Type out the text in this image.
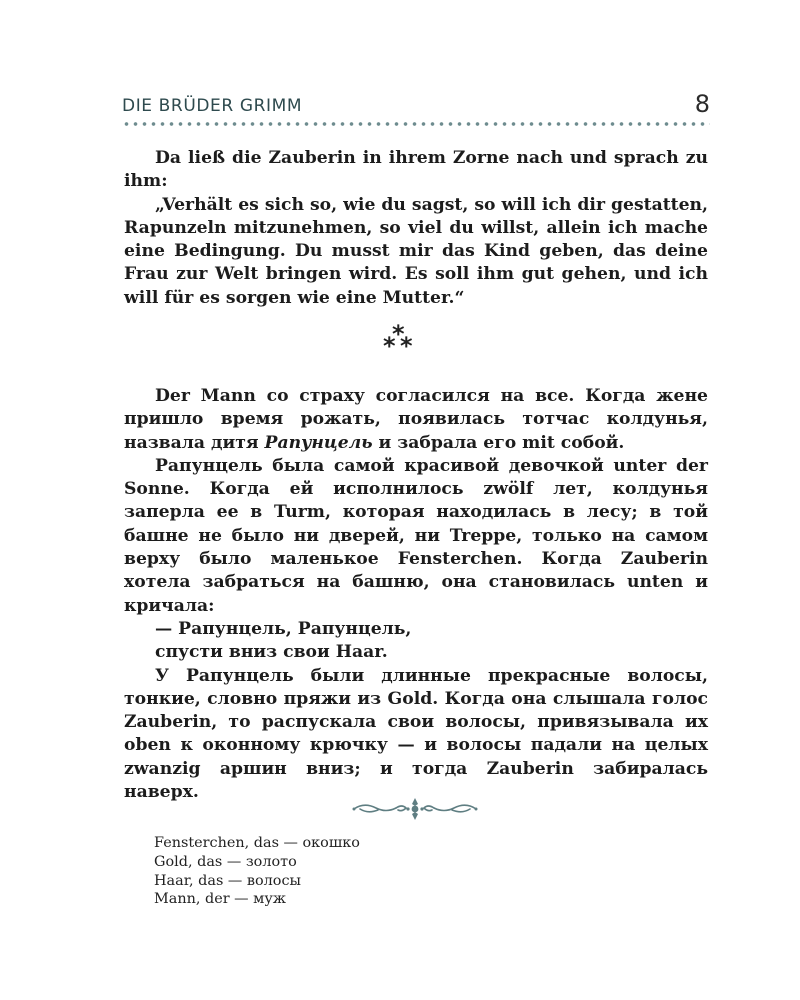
DIE BRÜDER GRIMM	8

Da ließ die Zauberin in ihrem Zorne nach und sprach zu ihm:

„Verhält es sich so, wie du sagst, so will ich dir gestatten, Rapunzeln mitzunehmen, so viel du willst, allein ich mache eine Bedingung. Du musst mir das Kind geben, das deine Frau zur Welt bringen wird. Es soll ihm gut gehen, und ich will für es sorgen wie eine Mutter.“

*
* *

Der Mann со страху согласился на все. Когда жене пришло время рожать, появилась тотчас колдунья, назвала дитя Рапунцель и забрала его mit собой.

Рапунцель была самой красивой девочкой unter der Sonne. Когда ей исполнилось zwölf лет, колдунья заперла ее в Turm, которая находилась в лесу; в той башне не было ни дверей, ни Treppe, только на самом верху было маленькое Fensterchen. Когда Zauberin хотела забраться на башню, она становилась unten и кричала:

— Рапунцель, Рапунцель,

спусти вниз свои Haar.

У Рапунцель были длинные прекрасные волосы, тонкие, словно пряжи из Gold. Когда она слышала голос Zauberin, то распускала свои волосы, привязывала их oben к оконному крючку — и волосы падали на целых zwanzig аршин вниз; и тогда Zauberin забиралась наверх.

Fensterchen, das — окошко
Gold, das — золото
Haar, das — волосы
Mann, der — муж
